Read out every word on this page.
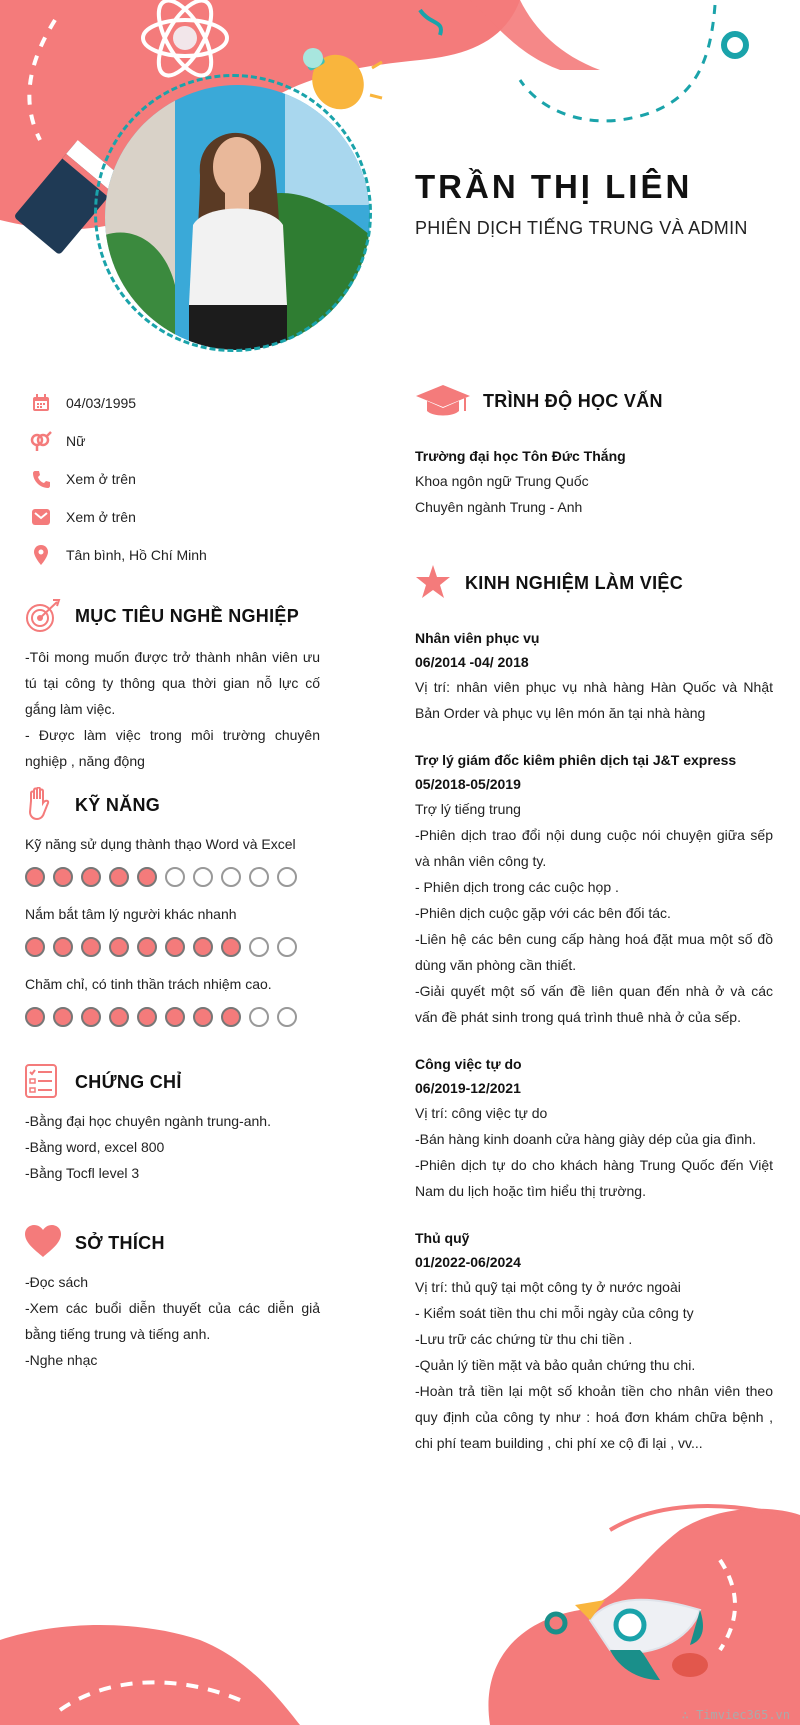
TRẦN THỊ LIÊN
PHIÊN DỊCH TIẾNG TRUNG VÀ ADMIN
04/03/1995
Nữ
Xem ở trên
Xem ở trên
Tân bình, Hồ Chí Minh
MỤC TIÊU NGHỀ NGHIỆP
-Tôi mong muốn được trở thành nhân viên ưu tú tại công ty thông qua thời gian nỗ lực cố gắng làm việc.
- Được làm việc trong môi trường chuyên nghiệp , năng động
KỸ NĂNG
Kỹ năng sử dụng thành thạo Word và Excel
Nắm bắt tâm lý người khác nhanh
Chăm chỉ, có tinh thần trách nhiệm cao.
CHỨNG CHỈ
-Bằng đại học chuyên ngành trung-anh.
-Bằng word, excel 800
-Bằng Tocfl level 3
SỞ THÍCH
-Đọc sách
-Xem các buổi diễn thuyết của các diễn giả bằng tiếng trung và tiếng anh.
-Nghe nhạc
TRÌNH ĐỘ HỌC VẤN
Trường đại học Tôn Đức Thắng
Khoa ngôn ngữ Trung Quốc
Chuyên ngành Trung - Anh
KINH NGHIỆM LÀM VIỆC
Nhân viên phục vụ
06/2014 -04/ 2018
Vị trí: nhân viên phục vụ nhà hàng Hàn Quốc và Nhật Bản Order và phục vụ lên món ăn tại nhà hàng
Trợ lý giám đốc kiêm phiên dịch tại J&T express
05/2018-05/2019
Trợ lý tiếng trung
-Phiên dịch trao đổi nội dung cuộc nói chuyện giữa sếp và nhân viên công ty.
- Phiên dịch trong các cuộc họp .
-Phiên dịch cuộc gặp với các bên đối tác.
-Liên hệ các bên cung cấp hàng hoá đặt mua một số đồ dùng văn phòng cần thiết.
-Giải quyết một số vấn đề liên quan đến nhà ở và các vấn đề phát sinh trong quá trình thuê nhà ở của sếp.
Công việc tự do
06/2019-12/2021
Vị trí: công việc tự do
-Bán hàng kinh doanh cửa hàng giày dép của gia đình.
-Phiên dịch tự do cho khách hàng Trung Quốc đến Việt Nam du lịch hoặc tìm hiểu thị trường.
Thủ quỹ
01/2022-06/2024
Vị trí: thủ quỹ tại một công ty ở nước ngoài
- Kiểm soát tiền thu chi mỗi ngày của công ty
-Lưu trữ các chứng từ thu chi tiền .
-Quản lý tiền mặt và bảo quản chứng thu chi.
-Hoàn trả tiền lại một số khoản tiền cho nhân viên theo quy định của công ty như : hoá đơn khám chữa bệnh , chi phí team building , chi phí xe cộ đi lại , vv...
∴ Timviec365.vn
